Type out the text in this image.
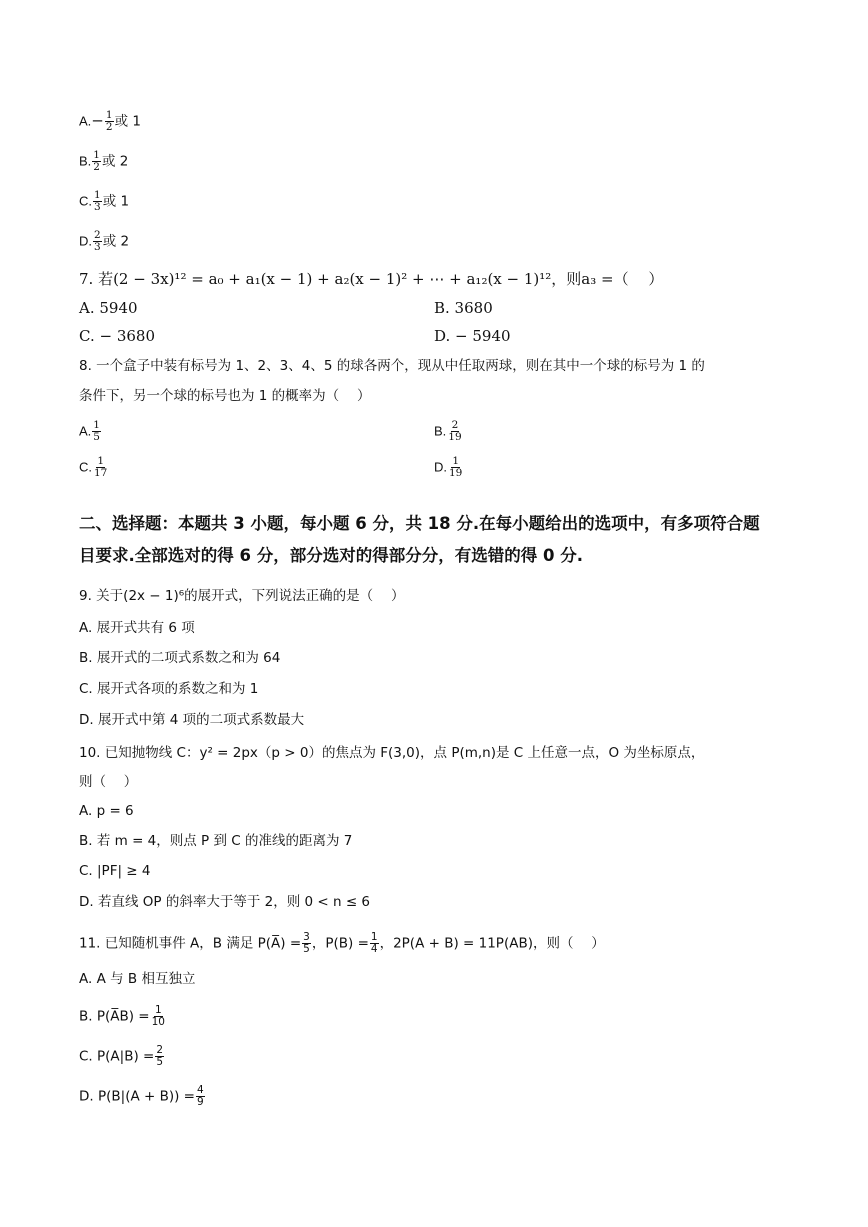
$A.- \frac{1}{2}$ 或 1
B. $\frac{1}{2}$ 或 2
C. $\frac{1}{3}$ 或 1
D. $\frac{2}{3}$ 或 2
7. 若(2 − 3x)¹² = a₀ + a₁(x − 1) + a₂(x − 1)² + ⋯ + a₁₂(x − 1)¹²，则a₃ =（　 ）
A. 5940	B. 3680
C. − 3680	D. − 5940
8. 一个盒子中装有标号为 1、2、3、4、5 的球各两个，现从中任取两球，则在其中一个球的标号为 1 的
条件下，另一个球的标号也为 1 的概率为（　 ）
A. $\frac{1}{5}$	B. $\frac{2}{19}$
C. $\frac{1}{17}$	D. $\frac{1}{19}$
二、选择题：本题共 3 小题，每小题 6 分，共 18 分.在每小题给出的选项中，有多项符合题
目要求.全部选对的得 6 分，部分选对的得部分分，有选错的得 0 分.
9. 关于(2x − 1)⁶的展开式，下列说法正确的是（　 ）
A. 展开式共有 6 项
B. 展开式的二项式系数之和为 64
C. 展开式各项的系数之和为 1
D. 展开式中第 4 项的二项式系数最大
10. 已知抛物线 C：y² = 2px（p > 0）的焦点为 F(3,0)，点 P(m,n)是 C 上任意一点，O 为坐标原点，
则（　 ）
A. p = 6
B. 若 m = 4，则点 P 到 C 的准线的距离为 7
C. |PF| ≥ 4
D. 若直线 OP 的斜率大于等于 2，则 0 < n ≤ 6
11. 已知随机事件 A，B 满足 P(A̅) = $\frac{3}{5}$ ，$P(B) = \frac{1}{4}$ ，2P(A + B) = 11P(AB)，则（　 ）
A. A 与 B 相互独立
B. P(A̅B) = $\frac{1}{10}$
C. $P(A|B) = \frac{2}{5}$
D. $P(B|(A + B)) = \frac{4}{9}$
